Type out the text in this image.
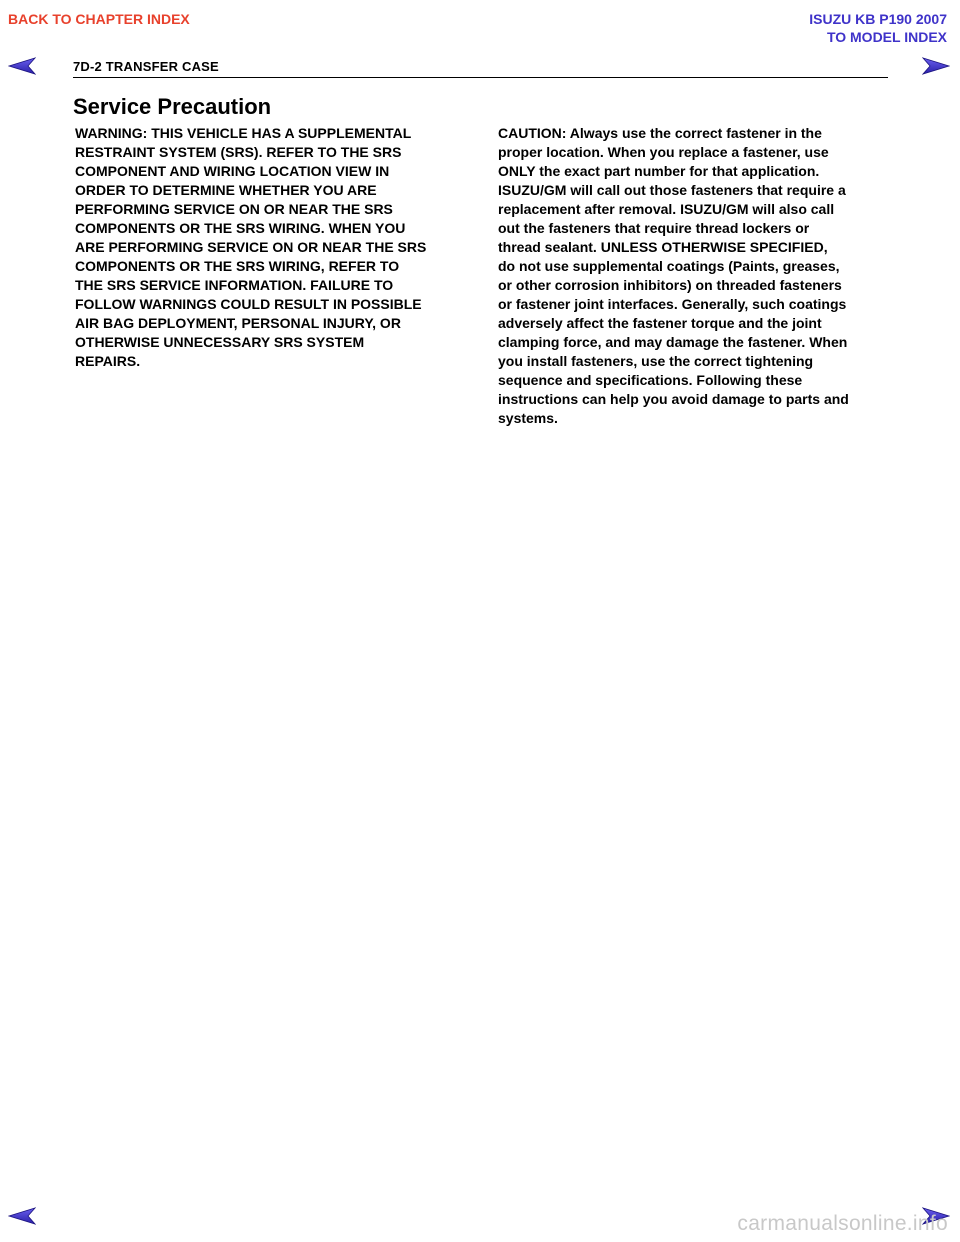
BACK TO CHAPTER INDEX	ISUZU KB P190 2007
TO MODEL INDEX
7D-2 TRANSFER CASE
Service Precaution
WARNING: THIS VEHICLE HAS A SUPPLEMENTAL
RESTRAINT SYSTEM (SRS). REFER TO THE SRS
COMPONENT AND WIRING LOCATION VIEW IN
ORDER TO DETERMINE WHETHER YOU ARE
PERFORMING SERVICE ON OR NEAR THE SRS
COMPONENTS OR THE SRS WIRING. WHEN YOU
ARE PERFORMING SERVICE ON OR NEAR THE SRS
COMPONENTS OR THE SRS WIRING, REFER TO
THE SRS SERVICE INFORMATION. FAILURE TO
FOLLOW WARNINGS COULD RESULT IN POSSIBLE
AIR BAG DEPLOYMENT, PERSONAL INJURY, OR
OTHERWISE UNNECESSARY SRS SYSTEM
REPAIRS.
CAUTION: Always use the correct fastener in the
proper location. When you replace a fastener, use
ONLY the exact part number for that application.
ISUZU/GM will call out those fasteners that require a
replacement after removal. ISUZU/GM will also call
out the fasteners that require thread lockers or
thread sealant. UNLESS OTHERWISE SPECIFIED,
do not use supplemental coatings (Paints, greases,
or other corrosion inhibitors) on threaded fasteners
or fastener joint interfaces. Generally, such coatings
adversely affect the fastener torque and the joint
clamping force, and may damage the fastener. When
you install fasteners, use the correct tightening
sequence and specifications. Following these
instructions can help you avoid damage to parts and
systems.
carmanualsonline.info
